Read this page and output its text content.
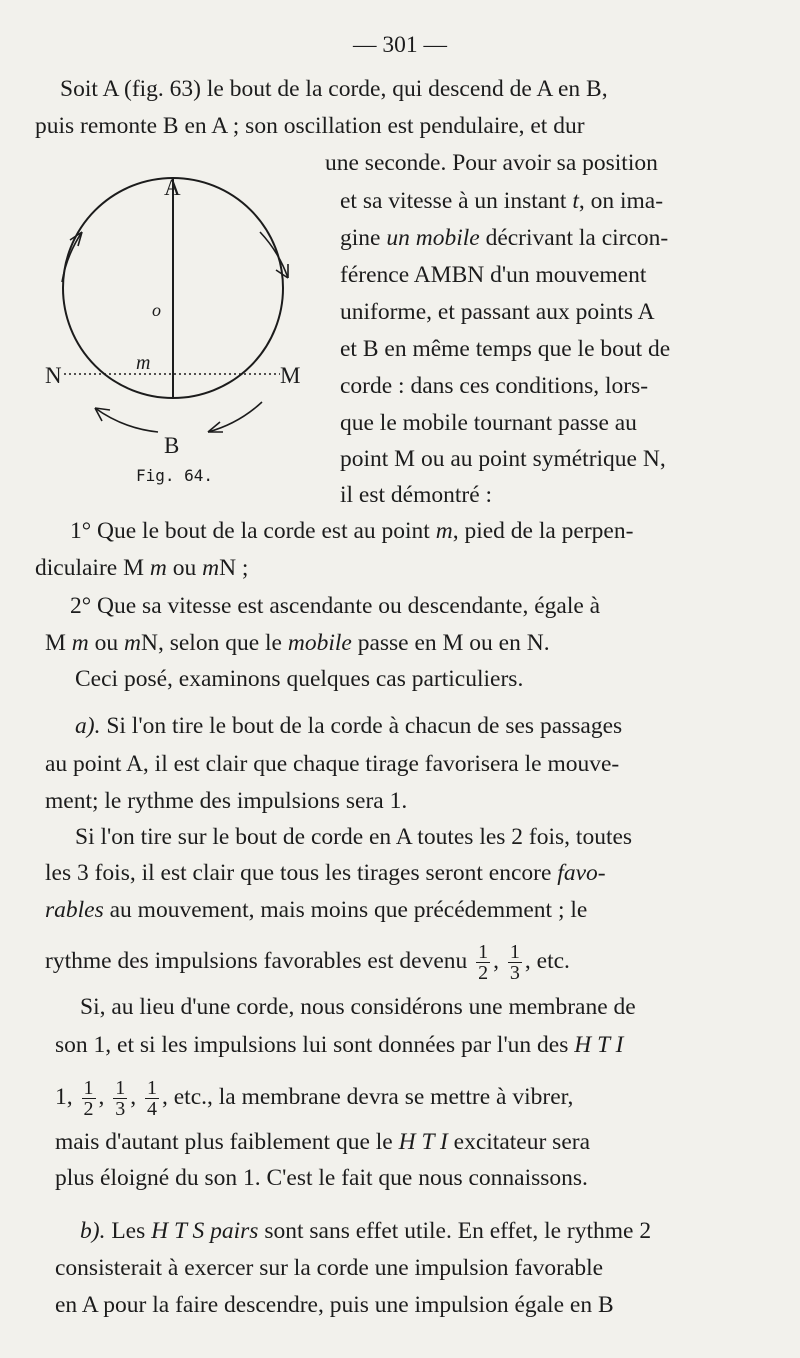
— 301 —
Soit A (fig. 63) le bout de la corde, qui descend de A en B,
puis remonte B en A ; son oscillation est pendulaire, et dur
une seconde. Pour avoir sa position
et sa vitesse à un instant t, on ima-
gine un mobile décrivant la circon-
férence AMBN d'un mouvement
uniforme, et passant aux points A
et B en même temps que le bout de
corde : dans ces conditions, lors-
que le mobile tournant passe au
point M ou au point symétrique N,
il est démontré :
A
B
N	M
o
m
Fig. 64.
1° Que le bout de la corde est au point m, pied de la perpen-
diculaire M m ou mN ;
2° Que sa vitesse est ascendante ou descendante, égale à
M m ou mN, selon que le mobile passe en M ou en N.
Ceci posé, examinons quelques cas particuliers.
a). Si l'on tire le bout de la corde à chacun de ses passages
au point A, il est clair que chaque tirage favorisera le mouve-
ment; le rythme des impulsions sera 1.
Si l'on tire sur le bout de corde en A toutes les 2 fois, toutes
les 3 fois, il est clair que tous les tirages seront encore favo-
rables au mouvement, mais moins que précédemment ; le
rythme des impulsions favorables est devenu $\frac{1}{2}$ , $\frac{1}{3}$ , etc.
Si, au lieu d'une corde, nous considérons une membrane de
son 1, et si les impulsions lui sont données par l'un des H T I
1, $\frac{1}{2}$ , $\frac{1}{3}$ , $\frac{1}{4}$ , etc., la membrane devra se mettre à vibrer,
mais d'autant plus faiblement que le H T I excitateur sera
plus éloigné du son 1. C'est le fait que nous connaissons.
b). Les H T S pairs sont sans effet utile. En effet, le rythme 2
consisterait à exercer sur la corde une impulsion favorable
en A pour la faire descendre, puis une impulsion égale en B
